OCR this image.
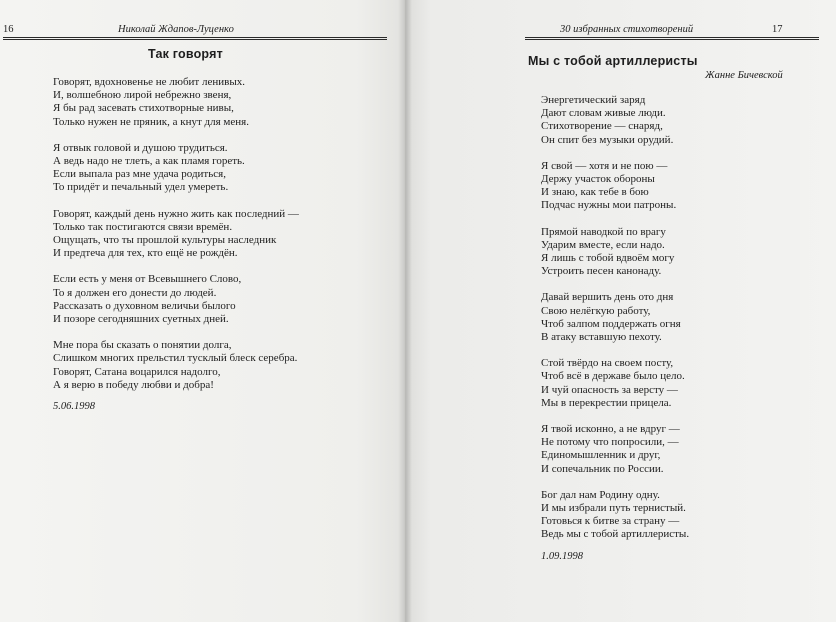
16	Николай Ждапов-Луценко
Так говорят
Говорят, вдохновенье не любит ленивых.
И, волшебною лирой небрежно звеня,
Я бы рад засевать стихотворные нивы,
Только нужен не пряник, а кнут для меня.
Я отвык головой и душою трудиться.
А ведь надо не тлеть, а как пламя гореть.
Если выпала раз мне удача родиться,
То придёт и печальный удел умереть.
Говорят, каждый день нужно жить как последний —
Только так постигаются связи времён.
Ощущать, что ты прошлой культуры наследник
И предтеча для тех, кто ещё не рождён.
Если есть у меня от Всевышнего Слово,
То я должен его донести до людей.
Рассказать о духовном величьи былого
И позоре сегодняшних суетных дней.
Мне пора бы сказать о понятии долга,
Слишком многих прельстил тусклый блеск серебра.
Говорят, Сатана воцарился надолго,
А я верю в победу любви и добра!
5.06.1998
30 избранных стихотворений	17
Мы с тобой артиллеристы
Жанне Бичевской
Энергетический заряд
Дают словам живые люди.
Стихотворение — снаряд,
Он спит без музыки орудий.
Я свой — хотя и не пою —
Держу участок обороны
И знаю, как тебе в бою
Подчас нужны мои патроны.
Прямой наводкой по врагу
Ударим вместе, если надо.
Я лишь с тобой вдвоём могу
Устроить песен канонаду.
Давай вершить день ото дня
Свою нелёгкую работу,
Чтоб залпом поддержать огня
В атаку вставшую пехоту.
Стой твёрдо на своем посту,
Чтоб всё в державе было цело.
И чуй опасность за версту —
Мы в перекрестии прицела.
Я твой исконно, а не вдруг —
Не потому что попросили, —
Единомышленник и друг,
И сопечальник по России.
Бог дал нам Родину одну.
И мы избрали путь тернистый.
Готовься к битве за страну —
Ведь мы с тобой артиллеристы.
1.09.1998
